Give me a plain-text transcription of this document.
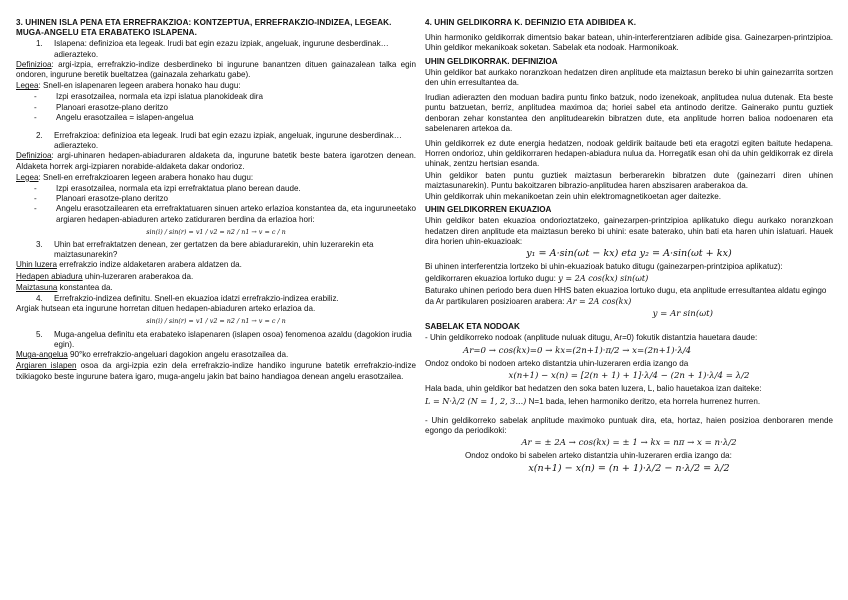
3. UHINEN ISLA PENA ETA ERREFRAKZIOA: KONTZEPTUA, ERREFRAKZIO-INDIZEA, LEGEAK. MUGA-ANGELU ETA ERABATEKO ISLAPENA.

1.	Islapena: definizioa eta legeak. Irudi bat egin ezazu izpiak, angeluak, ingurune desberdinak…adierazteko.

Definizioa: argi-izpia, errefrakzio-indize desberdineko bi ingurune banantzen dituen gainazalean talka egin ondoren, ingurune beretik bueltatzea (gainazala zeharkatu gabe).

Legea: Snell-en islapenaren legeen arabera honako hau dugu:

-	Izpi erasotzailea, normala eta izpi islatua planokideak dira
-	Planoari erasotze-plano deritzo
-	Angelu erasotzailea = islapen-angelua
2.	Errefrakzioa: definizioa eta legeak. Irudi bat egin ezazu izpiak, angeluak, ingurune desberdinak…adierazteko.

Definizioa: argi-uhinaren hedapen-abiaduraren aldaketa da, ingurune batetik beste batera igarotzen denean. Aldaketa horrek argi-izpiaren norabide-aldaketa dakar ondorioz.

Legea: Snell-en errefrakzioaren legeen arabera honako hau dugu:

-	Izpi erasotzailea, normala eta izpi errefraktatua plano berean daude.
-	Planoari erasotze-plano deritzo
-	Angelu erasotzailearen eta errefraktatuaren sinuen arteko erlazioa konstantea da, eta inguruneetako argiaren hedapen-abiaduren arteko zatiduraren berdina da erlazioa hori:

sin(i) / sin(r) = v1 / v2 = n2 / n1 → v = c / n

3.	Uhin bat errefraktatzen denean, zer gertatzen da bere abiadurarekin, uhin luzerarekin eta maiztasunarekin?

Uhin luzera errefrakzio indize aldaketaren arabera aldatzen da.

Hedapen abiadura uhin-luzeraren araberakoa da.

Maiztasuna konstantea da.

4.	Errefrakzio-indizea definitu. Snell-en ekuazioa idatzi errefrakzio-indizea erabiliz.

Argiak hutsean eta ingurune horretan dituen hedapen-abiaduren arteko erlazioa da.

sin(i) / sin(r) = v1 / v2 = n2 / n1 → v = c / n

5.	Muga-angelua definitu eta erabateko islapenaren (islapen osoa) fenomenoa azaldu (dagokion irudia egin).

Muga-angelua 90°ko errefrakzio-angeluari dagokion angelu erasotzailea da.

Argiaren islapen osoa da argi-izpia ezin dela errefrakzio-indize handiko ingurune batetik errefrakzio-indize txikiagoko beste ingurune batera igaro, muga-angelu jakin bat baino handiagoa denean angelu erasotzailea.

4. UHIN GELDIKORRA K. DEFINIZIO ETA ADIBIDEA K.

Uhin harmoniko geldikorrak dimentsio bakar batean, uhin-interferentziaren adibide gisa. Gainezarpen-printzipioa. Uhin geldikor mekanikoak soketan. Sabelak eta nodoak. Harmonikoak.

UHIN GELDIKORRAK. DEFINIZIOA

Uhin geldikor bat aurkako noranzkoan hedatzen diren anplitude eta maiztasun bereko bi uhin gainezarrita sortzen den uhin erresultantea da.

Irudian adierazten den moduan badira puntu finko batzuk, nodo izenekoak, anplitudea nulua dutenak. Eta beste puntu batzuetan, berriz, anplitudea maximoa da; horiei sabel eta antinodo deritze. Gainerako puntu guztiek denboran zehar konstantea den anplitudearekin bibratzen dute, eta anplitude horren balioa nodoenaren eta sabelenaren artekoa da.

Uhin geldikorrek ez dute energia hedatzen, nodoak geldirik baitaude beti eta eragotzi egiten baitute hedapena. Horren ondorioz, uhin geldikorraren hedapen-abiadura nulua da. Horregatik esan ohi da uhin geldikorrak ez direla uhinak, zentzu hertsian esanda.

Uhin geldikor baten puntu guztiek maiztasun berberarekin bibratzen dute (gainezarri diren uhinen maiztasunarekin). Puntu bakoitzaren bibrazio-anplitudea haren abszisaren araberakoa da.

Uhin geldikorrak uhin mekanikoetan zein uhin elektromagnetikoetan ager daitezke.

UHIN GELDIKORREN EKUAZIOA

Uhin geldikor baten ekuazioa ondorioztatzeko, gainezarpen-printzipioa aplikatuko diegu aurkako noranzkoan hedatzen diren anplitude eta maiztasun bereko bi uhini: esate baterako, uhin bati eta haren uhin islatuari. Hauek dira horien uhin-ekuazioak:

y₁ = A·sin(ωt − kx) eta y₂ = A·sin(ωt + kx)

Bi uhinen interferentzia lortzeko bi uhin-ekuazioak batuko ditugu (gainezarpen-printzipioa aplikatuz):

geldikorraren ekuazioa lortuko dugu: y = 2A cos(kx) sin(ωt)

Baturako uhinen periodo bera duen HHS baten ekuazioa lortuko dugu, eta anplitude erresultantea aldatu egingo da Ar partikularen posizioaren arabera: Ar = 2A cos(kx)

y = Ar sin(ωt)

SABELAK ETA NODOAK

- Uhin geldikorreko nodoak (anplitude nuluak ditugu, Ar=0) fokutik distantzia hauetara daude:

Ar=0 → cos(kx)=0 → kx=(2n+1)·π/2 → x=(2n+1)·λ/4

Ondoz ondoko bi nodoen arteko distantzia uhin-luzeraren erdia izango da

x(n+1) − x(n) = [2(n + 1) + 1]·λ/4 − (2n + 1)·λ/4 = λ/2

Hala bada, uhin geldikor bat hedatzen den soka baten luzera, L, balio hauetakoa izan daiteke:

L = N·λ/2 (N = 1, 2, 3...) N=1 bada, lehen harmoniko deritzo, eta horrela hurrenez hurren.

- Uhin geldikorreko sabelak anplitude maximoko puntuak dira, eta, hortaz, haien posizioa denboraren mende egongo da periodikoki:

Ar = ± 2A → cos(kx) = ± 1 → kx = nπ → x = n·λ/2

Ondoz ondoko bi sabelen arteko distantzia uhin-luzeraren erdia izango da:

x(n+1) − x(n) = (n + 1)·λ/2 − n·λ/2 = λ/2
